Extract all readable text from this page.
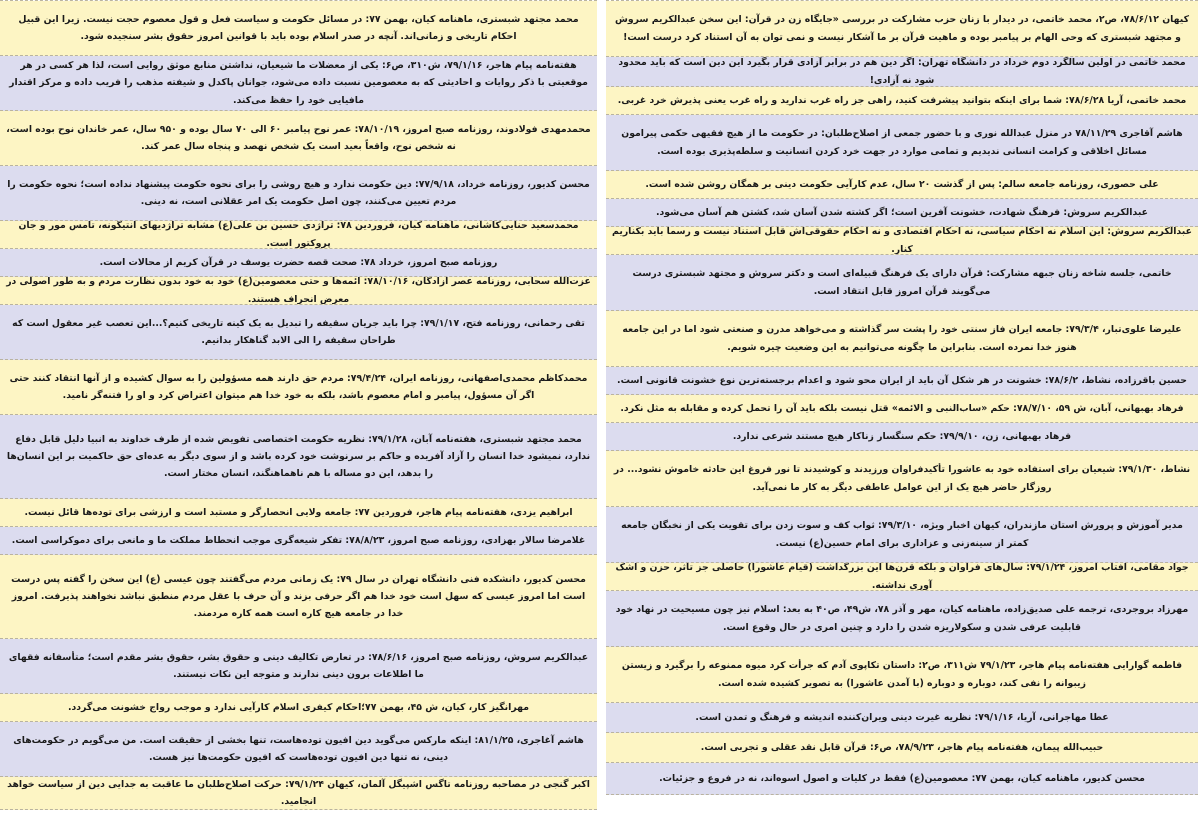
کیهان ۷۸/۶/۱۲، ص۲، محمد خاتمی، در دیدار با زنان حزب مشارکت در بررسی «جایگاه زن در قرآن: این سخن عبدالکریم سروش و مجتهد شبستری که وحی الهام بر پیامبر بوده و ماهیت قرآن بر ما آشکار نیست و نمی توان به آن استناد کرد درست است!
محمد خاتمی در اولین سالگرد دوم خرداد در دانشگاه تهران: اگر دین هم در برابر آزادی قرار بگیرد این دین است که باید محدود شود نه آزادی!
محمد خاتمی، آریا ۷۸/۶/۲۸: شما برای اینکه بتوانید پیشرفت کنید، راهی جز راه غرب ندارید و راه غرب یعنی پذیرش خرد غربی.
هاشم آقاجری ۷۸/۱۱/۲۹ در منزل عبدالله نوری و با حضور جمعی از اصلاح‌طلبان: در حکومت ما از هیچ فقیهی حکمی پیرامون مسائل اخلاقی و کرامت انسانی ندیدیم و تمامی موارد در جهت خرد کردن انسانیت و سلطه‌پذیری بوده است.
علی حصوری، روزنامه جامعه سالم: پس از گذشت ۲۰ سال، عدم کارآیی حکومت دینی بر همگان روشن شده است.
عبدالکریم سروش: فرهنگ شهادت، خشونت آفرین است؛ اگر کشته شدن آسان شد، کشتن هم آسان می‌شود.
عبدالکریم سروش: این اسلام نه احکام سیاسی، نه احکام اقتصادی و نه احکام حقوقی‌اش قابل استناد نیست و رسماً باید بکناریم کنار.
خاتمی، جلسه شاخه زنان جبهه مشارکت: قرآن دارای یک فرهنگ قبیله‌ای است و دکتر سروش و مجتهد شبستری درست می‌گویند قرآن امروز قابل انتقاد است.
علیرضا علوی‌تبار، ۷۹/۳/۴: جامعه ایران فاز سنتی خود را پشت سر گذاشته و می‌خواهد مدرن و صنعتی شود اما در این جامعه هنوز خدا نمرده است. بنابراین ما چگونه می‌توانیم به این وضعیت چیره شویم.
حسین باقرزاده، نشاط، ۷۸/۶/۲: خشونت در هر شکل آن باید از ایران محو شود و اعدام برجسته‌ترین نوع خشونت قانونی است.
فرهاد بهبهانی، آبان، ش ۵۹، ۷۸/۷/۱۰: حکم «ساب‌النبی و الائمه» قتل نیست بلکه باید آن را تحمل کرده و مقابله به مثل نکرد.
فرهاد بهبهانی، زن، ۷۹/۹/۱۰: حکم سنگسار زناکار هیچ مستند شرعی ندارد.
نشاط، ۷۹/۱/۳۰: شیعیان برای استفاده خود به عاشورا تأکیدفراوان ورزیدند و کوشیدند تا نور فروغ این حادثه خاموش نشود... در روزگار حاضر هیچ یک از این عوامل عاطفی دیگر به کار ما نمی‌آید.
مدیر آموزش و پرورش استان مازندران، کیهان اخبار ویژه، ۷۹/۳/۱۰: ثواب کف و سوت زدن برای تقویت یکی از نخبگان جامعه کمتر از سینه‌زنی و عزاداری برای امام حسین(ع) نیست.
جواد مقامی، آفتاب امروز، ۷۹/۱/۲۴: سال‌های فراوان و بلکه قرن‌ها این بزرگداشت (قیام عاشورا) حاصلی جز تأثر، حزن و اشک آوری نداشته.
مهرزاد بروجردی، ترجمه علی صدیق‌زاده، ماهنامه کیان، مهر و آذر ۷۸، ش۴۹، ص۴۰ به بعد: اسلام نیز چون مسیحیت در نهاد خود قابلیت عرفی شدن و سکولاریزه شدن را دارد و چنین امری در حال وقوع است.
فاطمه گوارایی هفته‌نامه پیام هاجر، ۷۹/۱/۲۳ ش۳۱۱، ص۲: داستان تکاپوی آدم که جرأت کرد میوه ممنوعه را برگیرد و زیستن زیبوانه را نفی کند، دوباره و دوباره (با آمدن عاشورا) به تصویر کشیده شده است.
عطا مهاجرانی، آریا، ۷۹/۱/۱۶: نظریه غیرت دینی ویران‌کننده اندیشه و فرهنگ و تمدن است.
حبیب‌الله پیمان، هفته‌نامه پیام هاجر، ۷۸/۹/۲۳، ص۶: قرآن قابل نقد عقلی و تجربی است.
محسن کدیور، ماهنامه کیان، بهمن ۷۷: معصومین(ع) فقط در کلیات و اصول اسوه‌اند، نه در فروع و جزئیات.
محمد مجتهد شبستری، ماهنامه کیان، بهمن ۷۷: در مسائل حکومت و سیاست فعل و قول معصوم حجت نیست. زیرا این قبیل احکام تاریخی و زمانی‌اند. آنچه در صدر اسلام بوده باید با قوانین امروز حقوق بشر سنجیده شود.
هفته‌نامه پیام هاجر، ۷۹/۱/۱۶، ش۳۱۰، ص۶: یکی از معضلات ما شیعیان، نداشتن منابع موثق روایی است، لذا هر کسی در هر موقعیتی با ذکر روایات و احادیثی که به معصومین نسبت داده می‌شود، جوانان پاکدل و شیفته مذهب را فریب داده و مرکز اقتدار مافیایی خود را حفظ می‌کند.
محمدمهدی فولادوند، روزنامه صبح امروز، ۷۸/۱۰/۱۹: عمر نوح پیامبر ۶۰ الی ۷۰ سال بوده و ۹۵۰ سال، عمر خاندان نوح بوده است، نه شخص نوح، واقعاً بعید است یک شخص نهصد و پنجاه سال عمر کند.
محسن کدیور، روزنامه خرداد، ۷۷/۹/۱۸: دین حکومت ندارد و هیچ روشی را برای نحوه حکومت پیشنهاد نداده است؛ نحوه حکومت را مردم تعیین می‌کنند، چون اصل حکومت یک امر عقلانی است، نه دینی.
محمدسعید حنایی‌کاشانی، ماهنامه کیان، فروردین ۷۸: تراژدی حسین بن علی(ع) مشابه تراژدیهای آنتیگونه، تامس مور و جان پروکتور است.
روزنامه صبح امروز، خرداد ۷۸: صحت قصه حضرت یوسف در قرآن کریم از محالات است.
عزت‌الله سحابی، روزنامه عصر آزادگان، ۷۸/۱۰/۱۶: آئمه‌ها و حتی معصومین(ع) خود به خود بدون نظارت مردم و به طور اصولی در معرض انحراف هستند.
تقی رحمانی، روزنامه فتح، ۷۹/۱/۱۷: چرا باید جریان سقیفه را تبدیل به یک کینه تاریخی کنیم؟...این تعصب غیر معقول است که طراحان سقیفه را الی الابد گناهکار بدانیم.
محمدکاظم محمدی‌اصفهانی، روزنامه ایران، ۷۹/۴/۲۴: مردم حق دارند همه مسؤولین را به سوال کشیده و از آنها انتقاد کنند حتی اگر آن مسؤول، پیامبر و امام معصوم باشد، بلکه به خود خدا هم میتوان اعتراض کرد و او را فتنه‌گر نامید.
محمد مجتهد شبستری، هفته‌نامه آبان، ۷۹/۱/۲۸: نظریه حکومت اختصاصی تفویض شده از طرف خداوند به انبیا دلیل قابل دفاع ندارد، نمیشود خدا انسان را آزاد آفریده و حاکم بر سرنوشت خود کرده باشد و از سوی دیگر به عده‌ای حق حاکمیت بر این انسان‌ها را بدهد، این دو مساله با هم ناهماهنگند، انسان مختار است.
ابراهیم یزدی، هفته‌نامه پیام هاجر، فروردین ۷۷: جامعه ولایی انحصارگر و مستبد است و ارزشی برای توده‌ها قائل نیست.
غلامرضا سالار بهزادی، روزنامه صبح امروز، ۷۸/۸/۲۳: تفکر شیعه‌گری موجب انحطاط مملکت ما و مانعی برای دموکراسی است.
محسن کدیور، دانشکده فنی دانشگاه تهران در سال ۷۹: یک زمانی مردم می‌گفتند چون عیسی (ع) این سخن را گفته پس درست است اما امروز عیسی که سهل است خود خدا هم اگر حرفی بزند و آن حرف با عقل مردم منطبق نباشد نخواهند پذیرفت. امروز خدا در جامعه هیچ کاره است همه کاره مردمند.
عبدالکریم سروش، روزنامه صبح امروز، ۷۸/۶/۱۶: در تعارض تکالیف دینی و حقوق بشر، حقوق بشر مقدم است؛ متأسفانه فقهای ما اطلاعات برون دینی ندارند و متوجه این نکات نیستند.
مهرانگیز کار، کیان، ش ۴۵، بهمن ۷۷؛احکام کیفری اسلام کارآیی ندارد و موجب رواج خشونت می‌گردد.
هاشم آغاجری، ۸۱/۱/۲۵: اینکه مارکس می‌گوید دین افیون توده‌هاست، تنها بخشی از حقیقت است. من می‌گویم در حکومت‌های دینی، نه تنها دین افیون توده‌هاست که افیون حکومت‌ها نیز هست.
اکبر گنجی در مصاحبه روزنامه تاگس اشپیگل آلمان، کیهان ۷۹/۱/۲۴: حرکت اصلاح‌طلبان ما عاقبت به جدایی دین از سیاست خواهد انجامید.
